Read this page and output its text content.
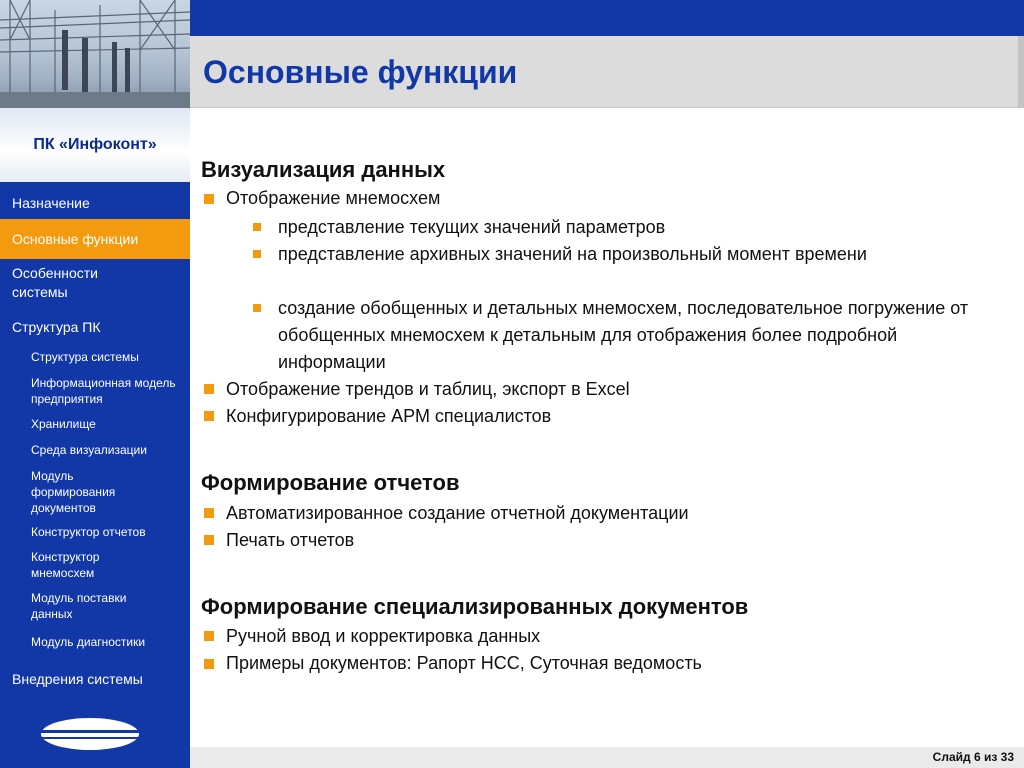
ПК «Инфоконт»
Назначение
Основные функции
Особенности системы
Структура ПК
Структура системы
Информационная модель предприятия
Хранилище
Среда визуализации
Модуль формирования документов
Конструктор отчетов
Конструктор мнемосхем
Модуль поставки данных
Модуль диагностики
Внедрения системы
Основные функции
Визуализация данных
Отображение мнемосхем
представление текущих значений параметров
представление архивных значений на произвольный момент времени
создание обобщенных и детальных мнемосхем, последовательное погружение от обобщенных мнемосхем к детальным для отображения более подробной информации
Отображение трендов и таблиц, экспорт в Excel
Конфигурирование АРМ специалистов
Формирование отчетов
Автоматизированное создание отчетной документации
Печать отчетов
Формирование специализированных документов
Ручной ввод и корректировка данных
Примеры документов: Рапорт НСС, Суточная ведомость
Слайд 6 из 33
